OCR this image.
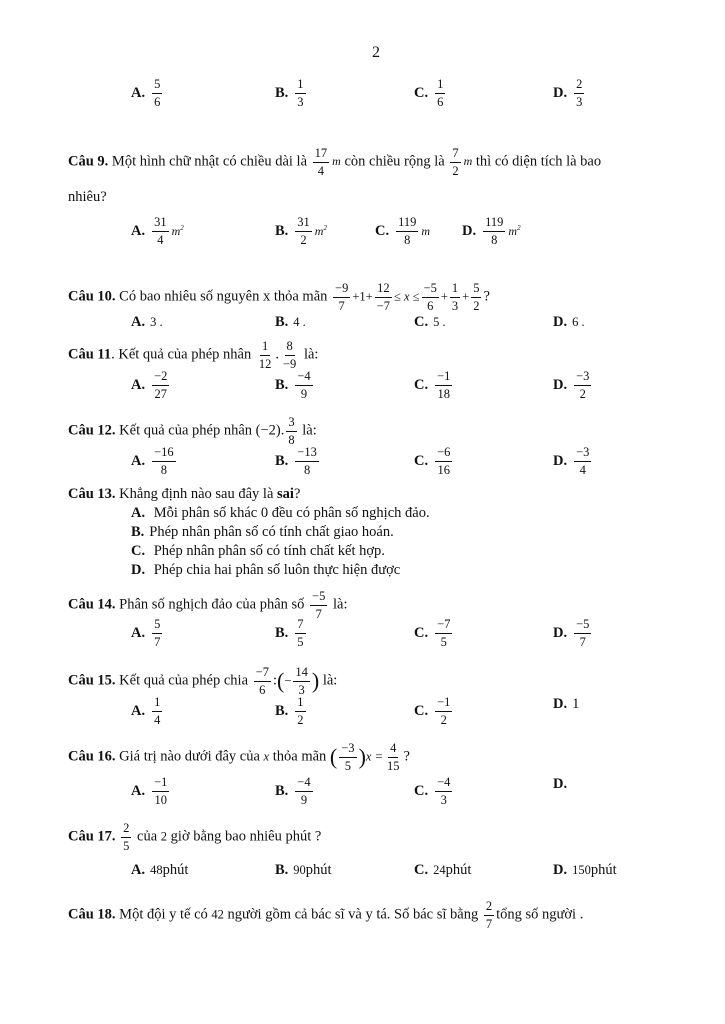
2
A. $\frac{5}{6}$	B. $\frac{1}{3}$	C. $\frac{1}{6}$	D. $\frac{2}{3}$
Câu 9. Một hình chữ nhật có chiều dài là $\frac{17}{4}$ m còn chiều rộng là $\frac{7}{2}$ m thì có diện tích là bao
nhiêu?
A. $\frac{31}{4} m^2$	B. $\frac{31}{2} m^2$	C. $\frac{119}{8}$ m D. $\frac{119}{8} m^2$
Câu 10. Có bao nhiêu số nguyên x thỏa mãn $\frac{-9}{7} +1+ \frac{12}{-7} \le x \le \frac{-5}{6} + \frac{1}{3} + \frac{5}{2}$ ?
A. 3 .	B. 4 .	C. 5 .	D. 6 .
Câu 11. Kết quả của phép nhân $\frac{1}{12}$ . $\frac{8}{-9}$ là:
A. $\frac{-2}{27}$	B. $\frac{-4}{9}$	C. $\frac{-1}{18}$	D. $\frac{-3}{2}$
Câu 12. Kết quả của phép nhân (−2). $\frac{3}{8}$ là:
A. $\frac{-16}{8}$	B. $\frac{-13}{8}$	C. $\frac{-6}{16}$	D. $\frac{-3}{4}$
Câu 13. Khẳng định nào sau đây là sai?
A. Mỗi phân số khác 0 đều có phân số nghịch đảo.
B. Phép nhân phân số có tính chất giao hoán.
C. Phép nhân phân số có tính chất kết hợp.
D. Phép chia hai phân số luôn thực hiện được
Câu 14. Phân số nghịch đảo của phân số $\frac{-5}{7}$ là:
A. $\frac{5}{7}$	B. $\frac{7}{5}$	C. $\frac{-7}{5}$	D. $\frac{-5}{7}$
Câu 15. Kết quả của phép chia $\frac{-7}{6}$ :(− $\frac{14}{3}$ ) là:
A. $\frac{1}{4}$	B. $\frac{1}{2}$	C. $\frac{-1}{2}$	D. 1
Câu 16. Giá trị nào dưới đây của x thỏa mãn ( $\frac{-3}{5} )x = \frac{4}{15}$ ?
A. $\frac{-1}{10}$	B. $\frac{-4}{9}$	C. $\frac{-4}{3}$	D.
Câu 17. $\frac{2}{5}$ của 2 giờ bằng bao nhiêu phút ?
A. 48 phút	B. 90 phút	C. 24 phút	D. 150 phút
Câu 18. Một đội y tế có 42 người gồm cả bác sĩ và y tá. Số bác sĩ bằng $\frac{2}{7}$ tổng số người .
